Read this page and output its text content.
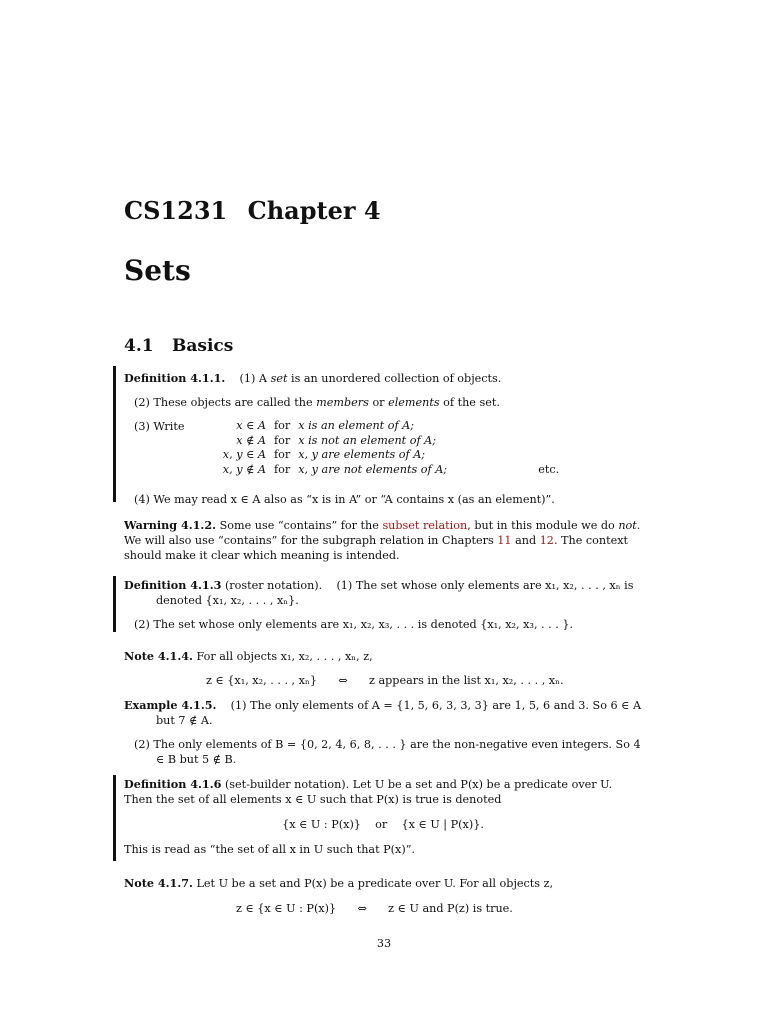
CS1231 Chapter 4
Sets
4.1 Basics
Definition 4.1.1. (1) A set is an unordered collection of objects.
(2) These objects are called the members or elements of the set.
(3) Write	x ∈ A	for	x is an element of A;	
x ∉ A	for	x is not an element of A;	
x, y ∈ A	for	x, y are elements of A;	
x, y ∉ A	for	x, y are not elements of A;	etc.
(4) We may read x ∈ A also as “x is in A” or “A contains x (as an element)”.
Warning 4.1.2. Some use “contains” for the subset relation, but in this module we do not. We will also use “contains” for the subgraph relation in Chapters 11 and 12. The context should make it clear which meaning is intended.
Definition 4.1.3 (roster notation). (1) The set whose only elements are x₁, x₂, . . . , xₙ is denoted {x₁, x₂, . . . , xₙ}.
(2) The set whose only elements are x₁, x₂, x₃, . . . is denoted {x₁, x₂, x₃, . . . }.
Note 4.1.4. For all objects x₁, x₂, . . . , xₙ, z,
z ∈ {x₁, x₂, . . . , xₙ} ⇔ z appears in the list x₁, x₂, . . . , xₙ.
Example 4.1.5. (1) The only elements of A = {1, 5, 6, 3, 3, 3} are 1, 5, 6 and 3. So 6 ∈ A but 7 ∉ A.
(2) The only elements of B = {0, 2, 4, 6, 8, . . . } are the non-negative even integers. So 4 ∈ B but 5 ∉ B.
Definition 4.1.6 (set-builder notation). Let U be a set and P(x) be a predicate over U. Then the set of all elements x ∈ U such that P(x) is true is denoted
{x ∈ U : P(x)} or {x ∈ U | P(x)}.
This is read as “the set of all x in U such that P(x)”.
Note 4.1.7. Let U be a set and P(x) be a predicate over U. For all objects z,
z ∈ {x ∈ U : P(x)} ⇔ z ∈ U and P(z) is true.
33
